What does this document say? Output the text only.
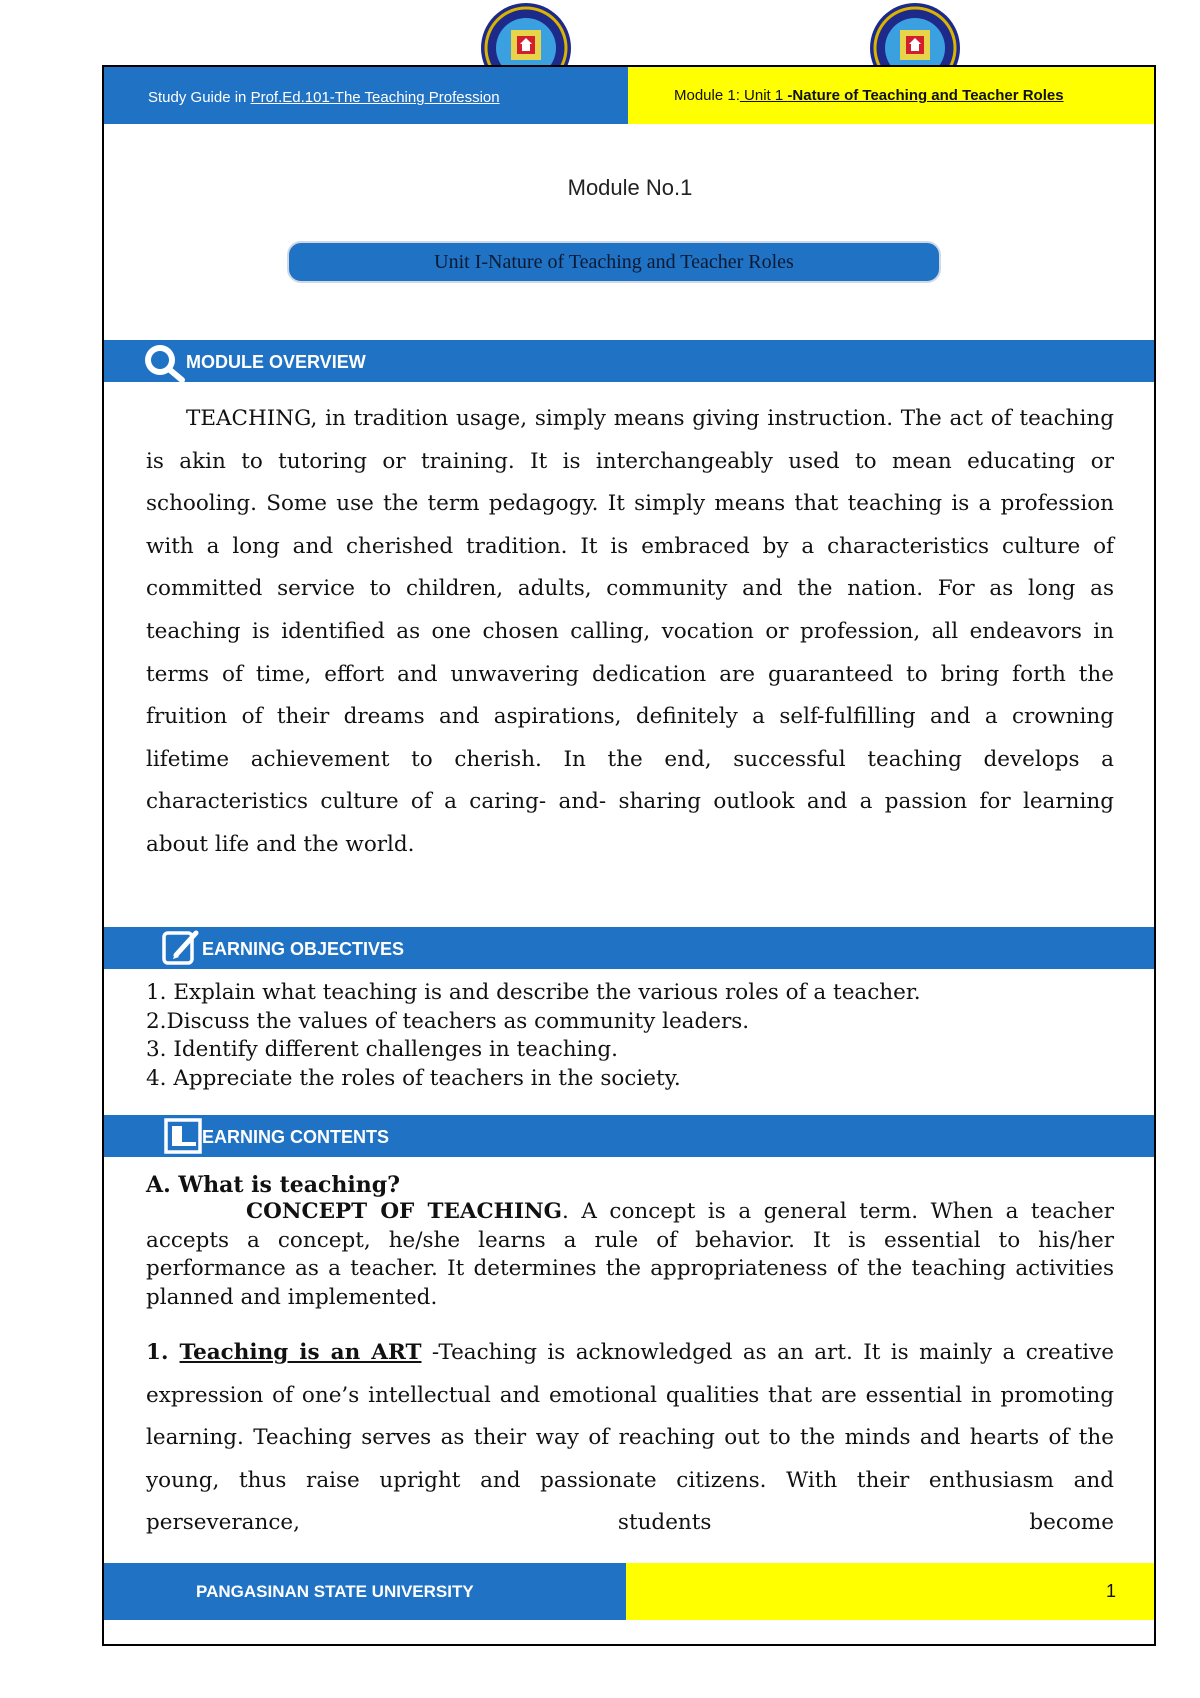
Study Guide in Prof.Ed.101-The Teaching Profession	Module 1: Unit 1 -Nature of Teaching and Teacher Roles
Module No.1
Unit I-Nature of Teaching and Teacher Roles
MODULE OVERVIEW
TEACHING, in tradition usage, simply means giving instruction. The act of teaching is akin to tutoring or training. It is interchangeably used to mean educating or schooling. Some use the term pedagogy. It simply means that teaching is a profession with a long and cherished tradition. It is embraced by a characteristics culture of committed service to children, adults, community and the nation. For as long as teaching is identified as one chosen calling, vocation or profession, all endeavors in terms of time, effort and unwavering dedication are guaranteed to bring forth the fruition of their dreams and aspirations, definitely a self-fulfilling and a crowning lifetime achievement to cherish. In the end, successful teaching develops a characteristics culture of a caring- and- sharing outlook and a passion for learning about life and the world.
EARNING OBJECTIVES
1. Explain what teaching is and describe the various roles of a teacher.
2.Discuss the values of teachers as community leaders.
3. Identify different challenges in teaching.
4. Appreciate the roles of teachers in the society.
EARNING CONTENTS
A. What is teaching?
CONCEPT OF TEACHING. A concept is a general term. When a teacher accepts a concept, he/she learns a rule of behavior. It is essential to his/her performance as a teacher. It determines the appropriateness of the teaching activities planned and implemented.
1. Teaching is an ART -Teaching is acknowledged as an art. It is mainly a creative expression of one’s intellectual and emotional qualities that are essential in promoting learning. Teaching serves as their way of reaching out to the minds and hearts of the young, thus raise upright and passionate citizens. With their enthusiasm and perseverance, students become
PANGASINAN STATE UNIVERSITY	1
